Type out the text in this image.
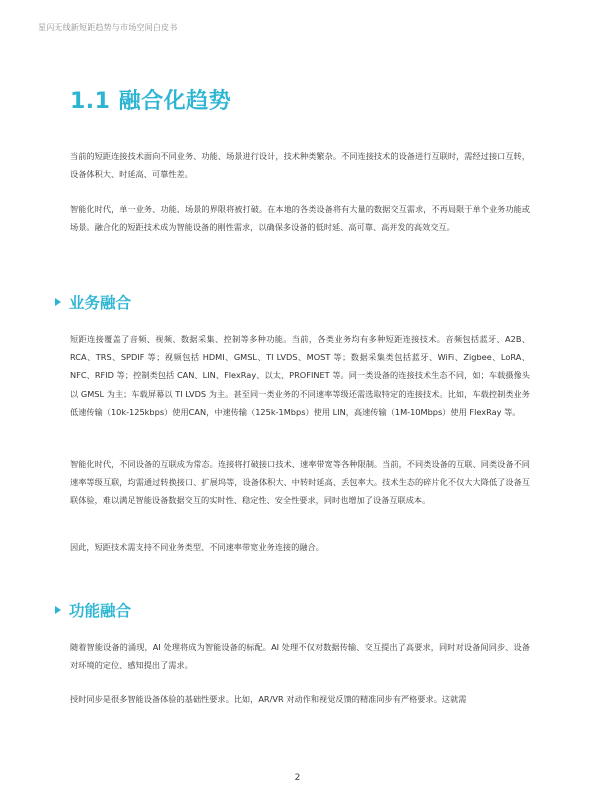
星闪无线新短距趋势与市场空间白皮书
1.1 融合化趋势

当前的短距连接技术面向不同业务、功能、场景进行设计，技术种类繁杂。不同连接技术的设备进行互联时，需经过接口互转，设备体积大、时延高、可靠性差。

智能化时代，单一业务、功能、场景的界限将被打破。在本地的各类设备将有大量的数据交互需求，不再局限于单个业务功能或场景。融合化的短距技术成为智能设备的刚性需求，以确保多设备的低时延、高可靠、高并发的高效交互。

业务融合

短距连接覆盖了音频、视频、数据采集、控制等多种功能。当前，各类业务均有多种短距连接技术。音频包括蓝牙、A2B、RCA、TRS、SPDIF 等；视频包括 HDMI、GMSL、TI LVDS、MOST 等；数据采集类包括蓝牙、WiFi、Zigbee、LoRA、NFC、RFID 等；控制类包括 CAN、LIN、FlexRay、以太、PROFINET 等。同一类设备的连接技术生态不同，如；车载摄像头以 GMSL 为主；车载屏幕以 TI LVDS 为主。甚至同一类业务的不同速率等级还需选取特定的连接技术。比如，车载控制类业务低速传输（10k-125kbps）使用CAN，中速传输（125k-1Mbps）使用 LIN，高速传输（1M-10Mbps）使用 FlexRay 等。

智能化时代，不同设备的互联成为常态。连接将打破接口技术、速率带宽等各种限制。当前，不同类设备的互联、同类设备不同速率等级互联，均需通过转换接口、扩展坞等，设备体积大、中转时延高、丢包率大。技术生态的碎片化不仅大大降低了设备互联体验，难以满足智能设备数据交互的实时性、稳定性、安全性要求，同时也增加了设备互联成本。

因此，短距技术需支持不同业务类型、不同速率带宽业务连接的融合。

功能融合

随着智能设备的涌现，AI 处理将成为智能设备的标配。AI 处理不仅对数据传输、交互提出了高要求，同时对设备间同步、设备对环境的定位、感知提出了需求。

授时同步是很多智能设备体验的基础性要求。比如，AR/VR 对动作和视觉反馈的精准同步有严格要求。这就需

2
